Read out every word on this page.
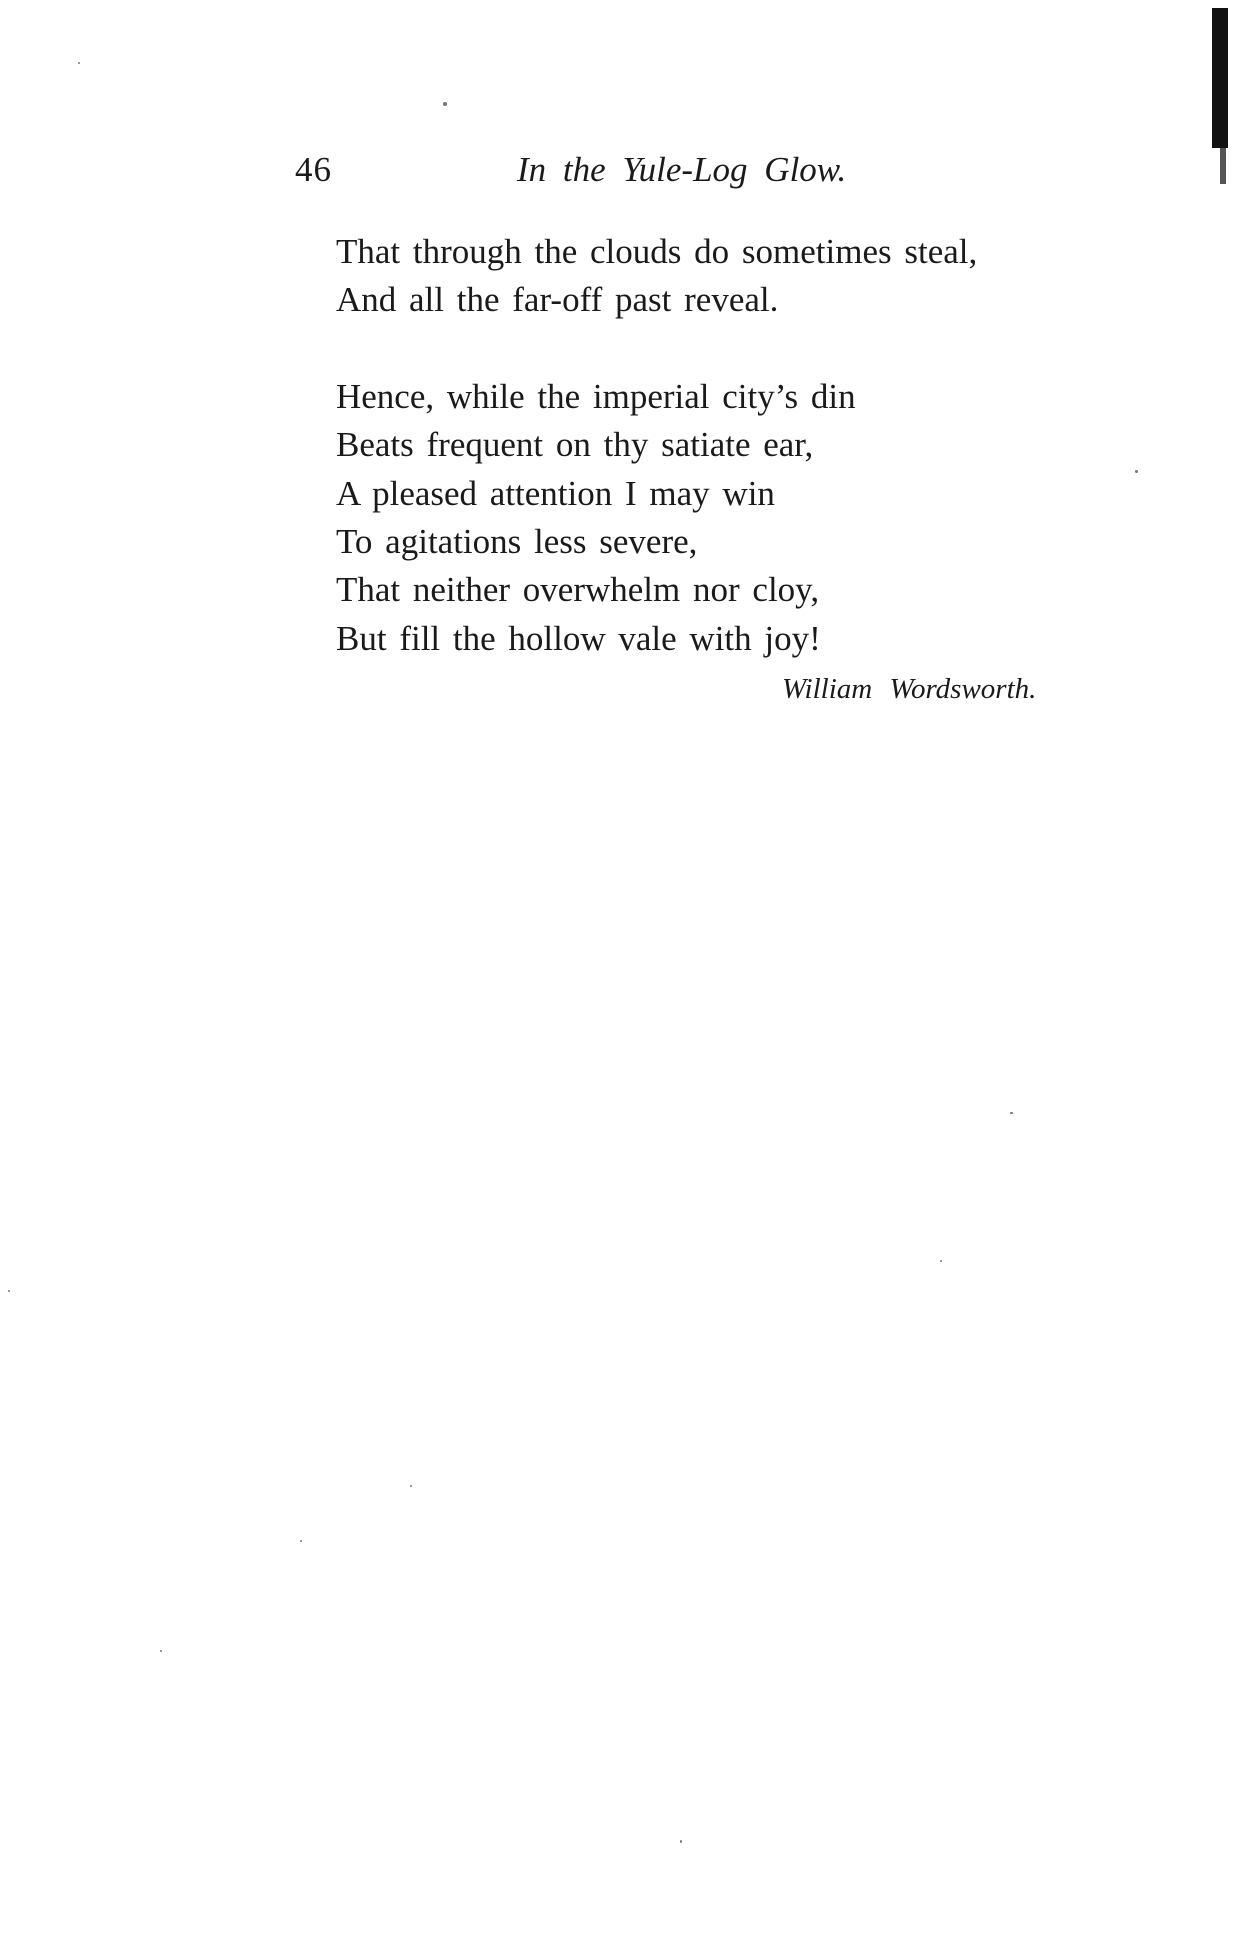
46	In the Yule-Log Glow.
That through the clouds do sometimes steal,
And all the far-off past reveal.
Hence, while the imperial city’s din
Beats frequent on thy satiate ear,
A pleased attention I may win
To agitations less severe,
That neither overwhelm nor cloy,
But fill the hollow vale with joy!
William Wordsworth.
